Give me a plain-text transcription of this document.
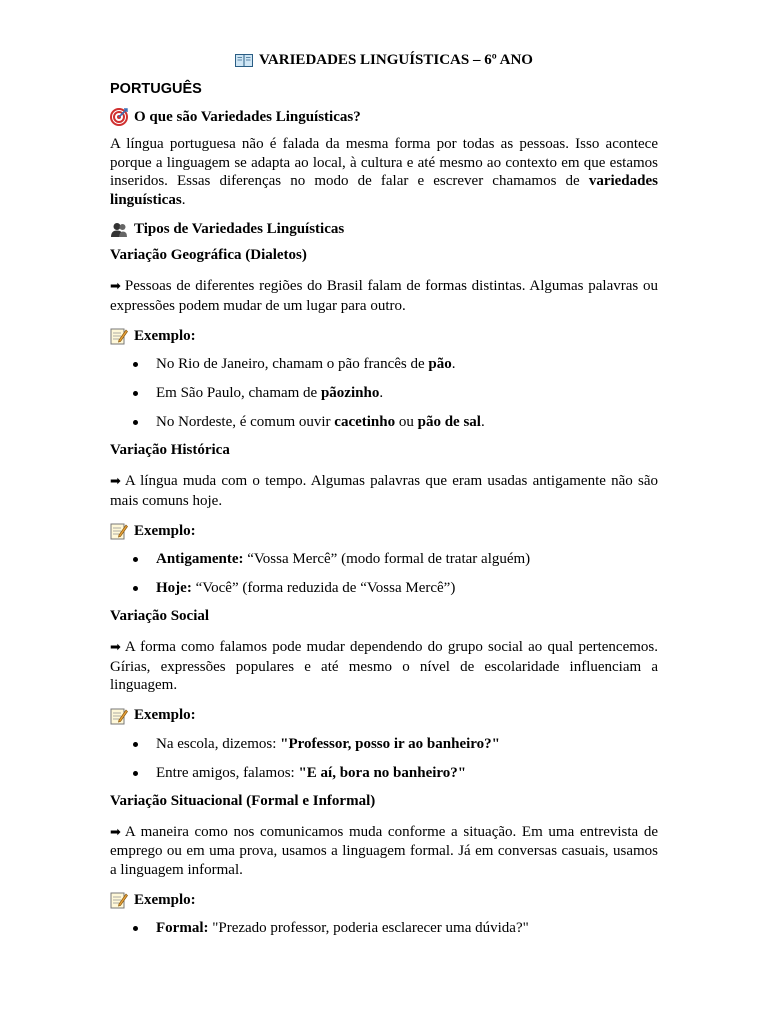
VARIEDADES LINGUÍSTICAS – 6º ANO
PORTUGUÊS
O que são Variedades Linguísticas?

A língua portuguesa não é falada da mesma forma por todas as pessoas. Isso acontece porque a linguagem se adapta ao local, à cultura e até mesmo ao contexto em que estamos inseridos. Essas diferenças no modo de falar e escrever chamamos de variedades linguísticas.

Tipos de Variedades Linguísticas
Variação Geográfica (Dialetos)

➡ Pessoas de diferentes regiões do Brasil falam de formas distintas. Algumas palavras ou expressões podem mudar de um lugar para outro.

Exemplo:
No Rio de Janeiro, chamam o pão francês de pão.
Em São Paulo, chamam de pãozinho.
No Nordeste, é comum ouvir cacetinho ou pão de sal.
Variação Histórica

➡ A língua muda com o tempo. Algumas palavras que eram usadas antigamente não são mais comuns hoje.

Exemplo:
Antigamente: “Vossa Mercê” (modo formal de tratar alguém)
Hoje: “Você” (forma reduzida de “Vossa Mercê”)
Variação Social

➡ A forma como falamos pode mudar dependendo do grupo social ao qual pertencemos. Gírias, expressões populares e até mesmo o nível de escolaridade influenciam a linguagem.

Exemplo:
Na escola, dizemos: "Professor, posso ir ao banheiro?"
Entre amigos, falamos: "E aí, bora no banheiro?"
Variação Situacional (Formal e Informal)

➡ A maneira como nos comunicamos muda conforme a situação. Em uma entrevista de emprego ou em uma prova, usamos a linguagem formal. Já em conversas casuais, usamos a linguagem informal.

Exemplo:
Formal: "Prezado professor, poderia esclarecer uma dúvida?"
